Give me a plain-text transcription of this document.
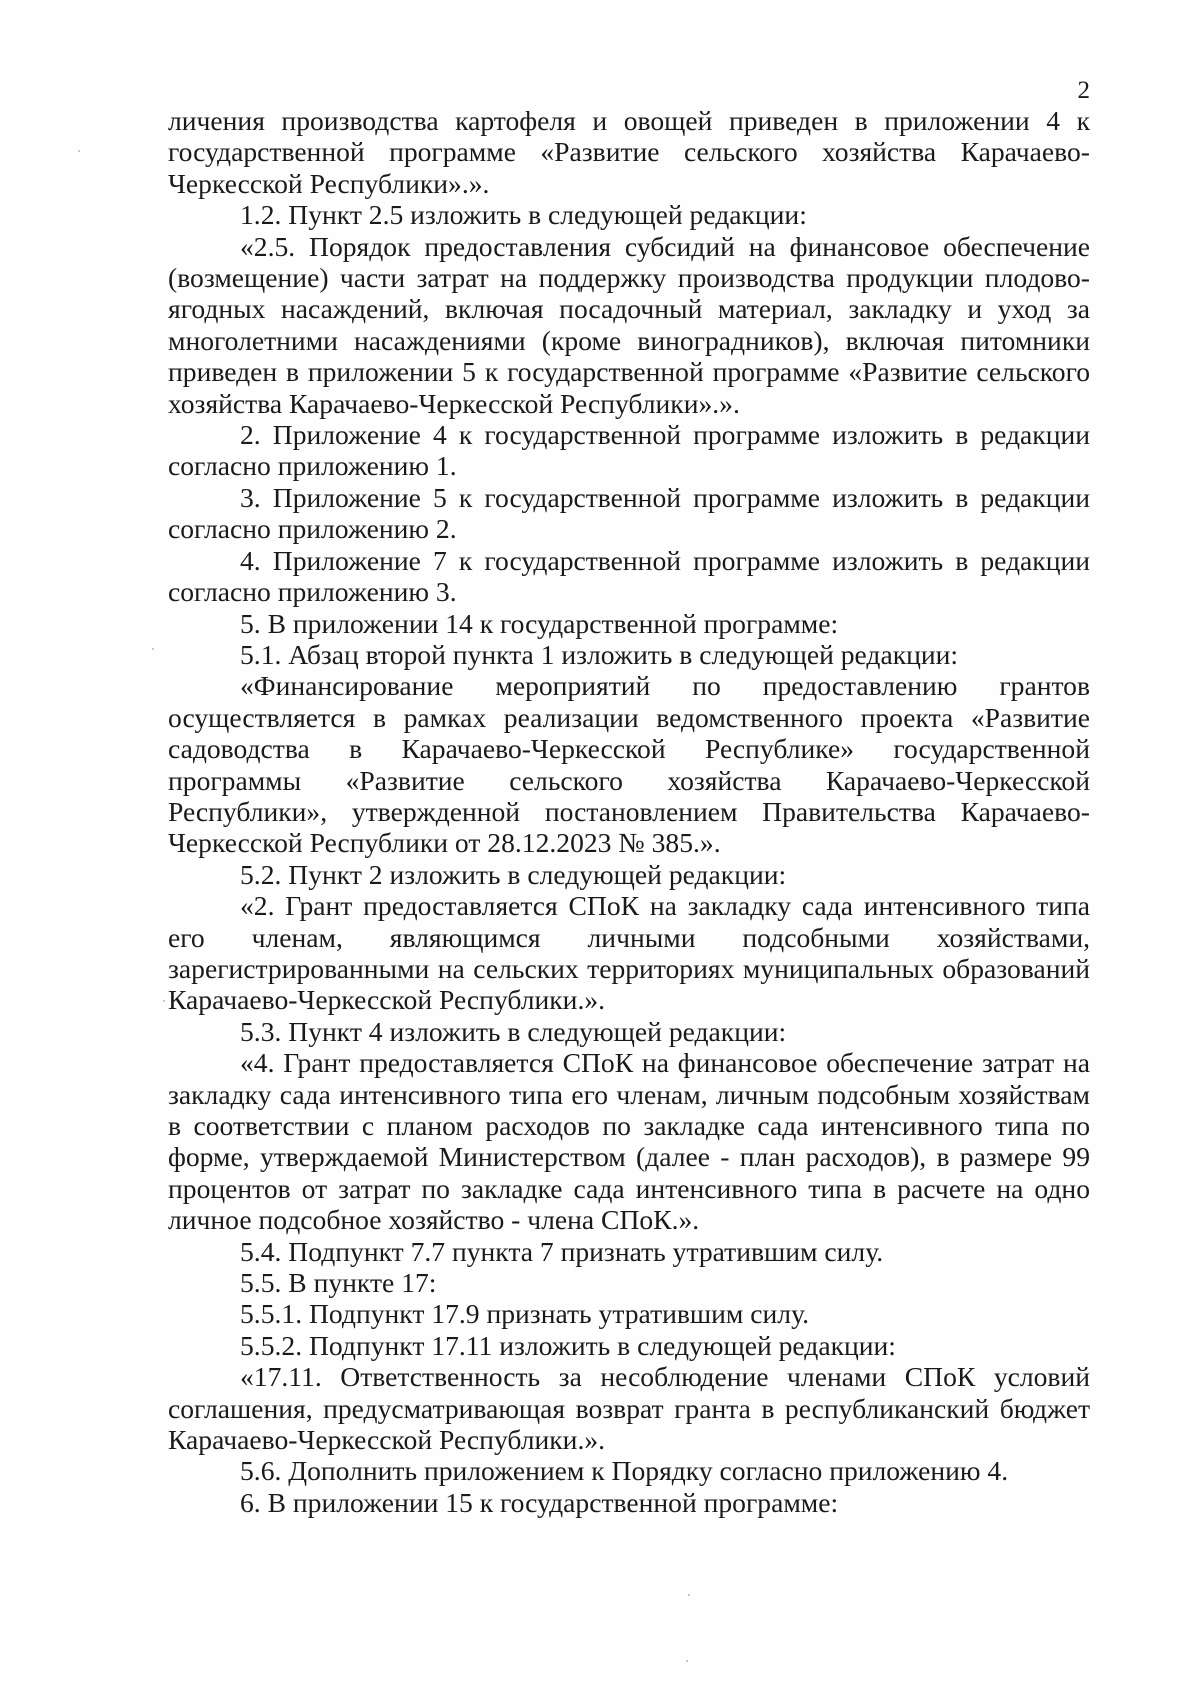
2

личения производства картофеля и овощей приведен в приложении 4 к государственной программе «Развитие сельского хозяйства Карачаево-Черкесской Республики».».

1.2. Пункт 2.5 изложить в следующей редакции:

«2.5. Порядок предоставления субсидий на финансовое обеспечение (возмещение) части затрат на поддержку производства продукции плодово-ягодных насаждений, включая посадочный материал, закладку и уход за многолетними насаждениями (кроме виноградников), включая питомники приведен в приложении 5 к государственной программе «Развитие сельского хозяйства Карачаево-Черкесской Республики».».

2. Приложение 4 к государственной программе изложить в редакции согласно приложению 1.

3. Приложение 5 к государственной программе изложить в редакции согласно приложению 2.

4. Приложение 7 к государственной программе изложить в редакции согласно приложению 3.

5. В приложении 14 к государственной программе:

5.1. Абзац второй пункта 1 изложить в следующей редакции:

«Финансирование мероприятий по предоставлению грантов осуществляется в рамках реализации ведомственного проекта «Развитие садоводства в Карачаево-Черкесской Республике» государственной программы «Развитие сельского хозяйства Карачаево-Черкесской Республики», утвержденной постановлением Правительства Карачаево-Черкесской Республики от 28.12.2023 № 385.».

5.2. Пункт 2 изложить в следующей редакции:

«2. Грант предоставляется СПоК на закладку сада интенсивного типа его членам, являющимся личными подсобными хозяйствами, зарегистрированными на сельских территориях муниципальных образований Карачаево-Черкесской Республики.».

5.3. Пункт 4 изложить в следующей редакции:

«4. Грант предоставляется СПоК на финансовое обеспечение затрат на закладку сада интенсивного типа его членам, личным подсобным хозяйствам в соответствии с планом расходов по закладке сада интенсивного типа по форме, утверждаемой Министерством (далее - план расходов), в размере 99 процентов от затрат по закладке сада интенсивного типа в расчете на одно личное подсобное хозяйство - члена СПоК.».

5.4. Подпункт 7.7 пункта 7 признать утратившим силу.

5.5. В пункте 17:

5.5.1. Подпункт 17.9 признать утратившим силу.

5.5.2. Подпункт 17.11 изложить в следующей редакции:

«17.11. Ответственность за несоблюдение членами СПоК условий соглашения, предусматривающая возврат гранта в республиканский бюджет Карачаево-Черкесской Республики.».

5.6. Дополнить приложением к Порядку согласно приложению 4.

6. В приложении 15 к государственной программе:
